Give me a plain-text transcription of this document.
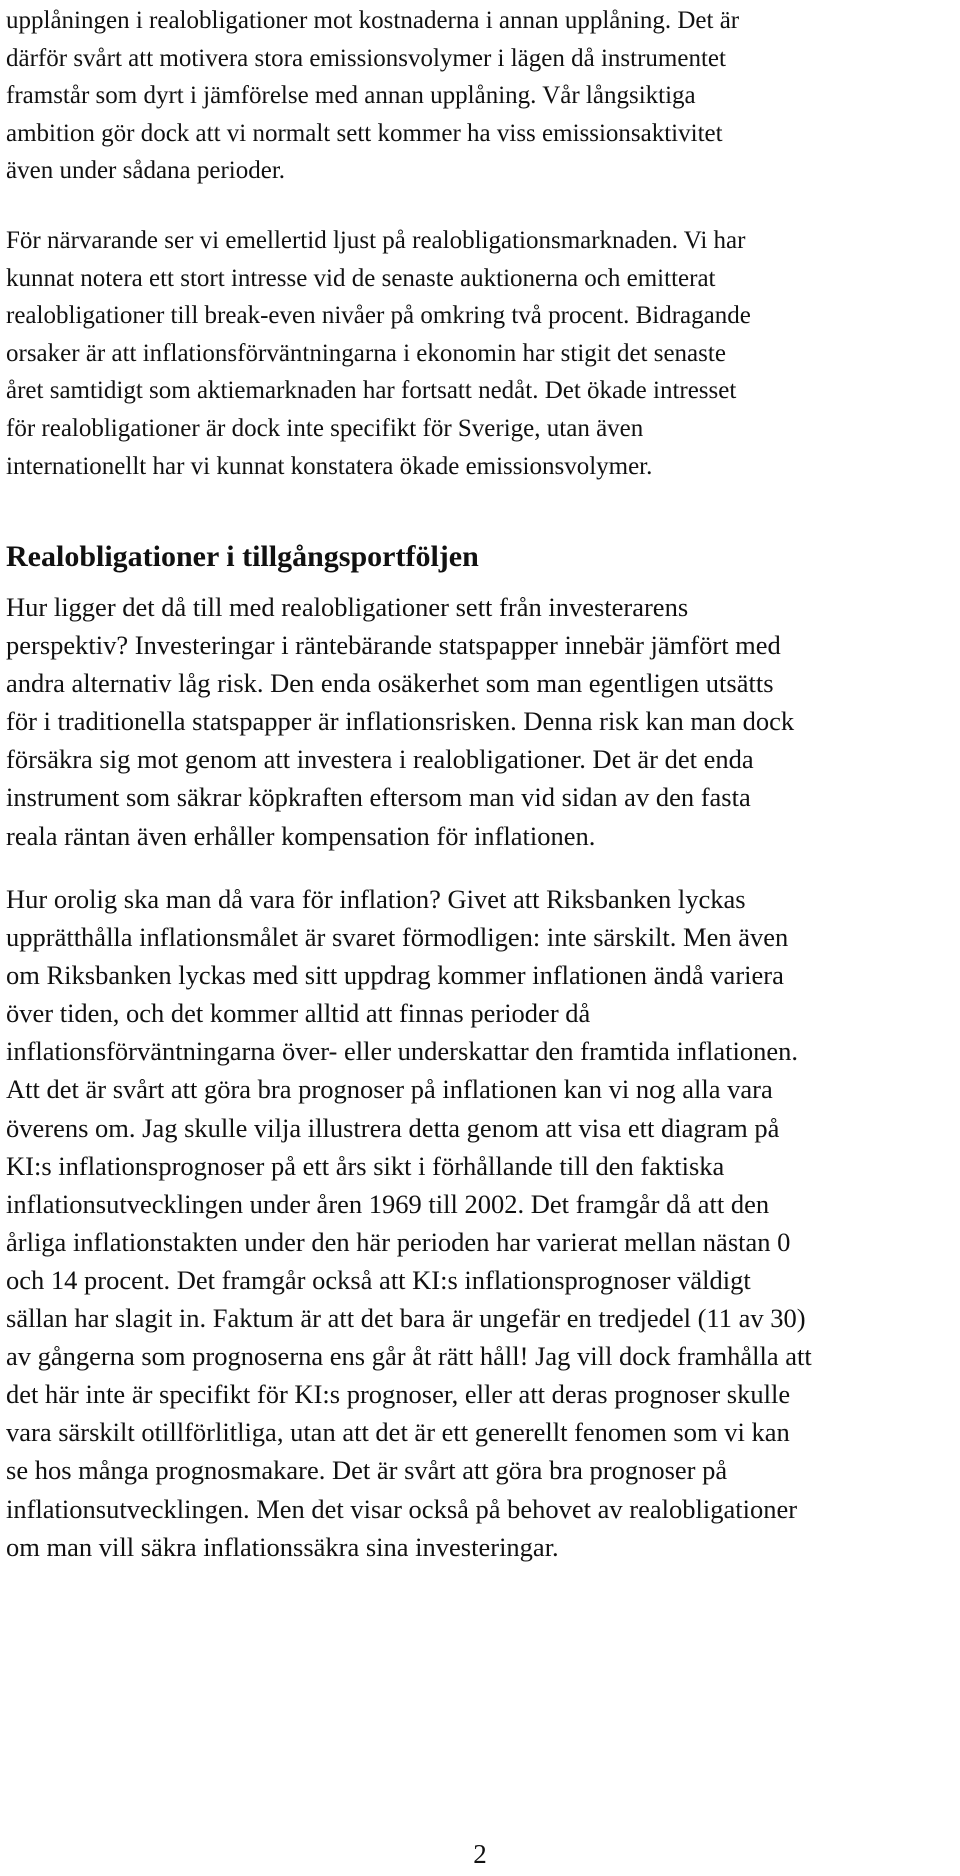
upplåningen i realobligationer mot kostnaderna i annan upplåning. Det är
därför svårt att motivera stora emissionsvolymer i lägen då instrumentet
framstår som dyrt i jämförelse med annan upplåning. Vår långsiktiga
ambition gör dock att vi normalt sett kommer ha viss emissionsaktivitet
även under sådana perioder.

För närvarande ser vi emellertid ljust på realobligationsmarknaden. Vi har
kunnat notera ett stort intresse vid de senaste auktionerna och emitterat
realobligationer till break-even nivåer på omkring två procent. Bidragande
orsaker är att inflationsförväntningarna i ekonomin har stigit det senaste
året samtidigt som aktiemarknaden har fortsatt nedåt. Det ökade intresset
för realobligationer är dock inte specifikt för Sverige, utan även
internationellt har vi kunnat konstatera ökade emissionsvolymer.

Realobligationer i tillgångsportföljen

Hur ligger det då till med realobligationer sett från investerarens
perspektiv? Investeringar i räntebärande statspapper innebär jämfört med
andra alternativ låg risk. Den enda osäkerhet som man egentligen utsätts
för i traditionella statspapper är inflationsrisken. Denna risk kan man dock
försäkra sig mot genom att investera i realobligationer. Det är det enda
instrument som säkrar köpkraften eftersom man vid sidan av den fasta
reala räntan även erhåller kompensation för inflationen.

Hur orolig ska man då vara för inflation? Givet att Riksbanken lyckas
upprätthålla inflationsmålet är svaret förmodligen: inte särskilt. Men även
om Riksbanken lyckas med sitt uppdrag kommer inflationen ändå variera
över tiden, och det kommer alltid att finnas perioder då
inflationsförväntningarna över- eller underskattar den framtida inflationen.
Att det är svårt att göra bra prognoser på inflationen kan vi nog alla vara
överens om. Jag skulle vilja illustrera detta genom att visa ett diagram på
KI:s inflationsprognoser på ett års sikt i förhållande till den faktiska
inflationsutvecklingen under åren 1969 till 2002. Det framgår då att den
årliga inflationstakten under den här perioden har varierat mellan nästan 0
och 14 procent. Det framgår också att KI:s inflationsprognoser väldigt
sällan har slagit in. Faktum är att det bara är ungefär en tredjedel (11 av 30)
av gångerna som prognoserna ens går åt rätt håll! Jag vill dock framhålla att
det här inte är specifikt för KI:s prognoser, eller att deras prognoser skulle
vara särskilt otillförlitliga, utan att det är ett generellt fenomen som vi kan
se hos många prognosmakare. Det är svårt att göra bra prognoser på
inflationsutvecklingen. Men det visar också på behovet av realobligationer
om man vill säkra inflationssäkra sina investeringar.

2
